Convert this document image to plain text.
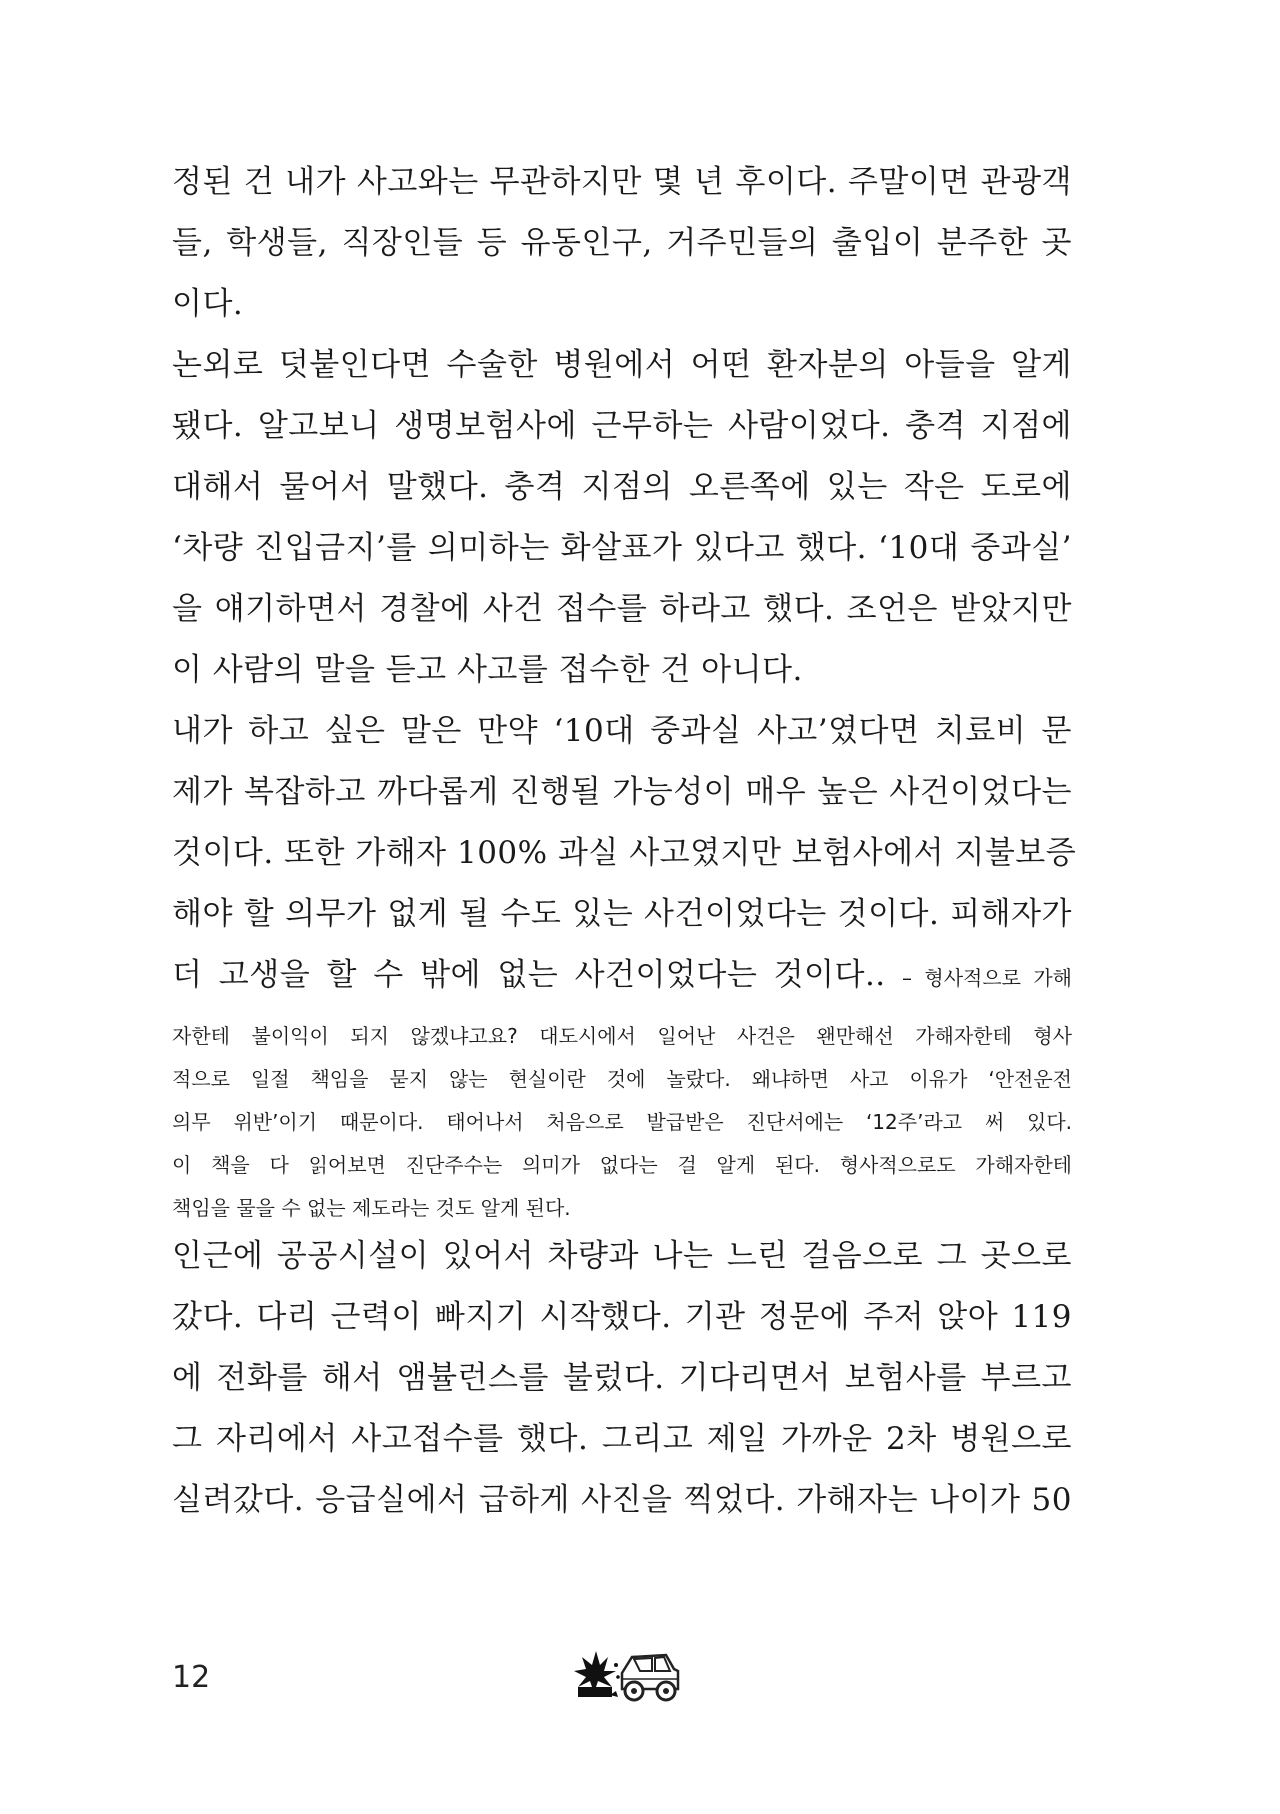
정된 건 내가 사고와는 무관하지만 몇 년 후이다. 주말이면 관광객
들, 학생들, 직장인들 등 유동인구, 거주민들의 출입이 분주한 곳
이다.
논외로 덧붙인다면 수술한 병원에서 어떤 환자분의 아들을 알게
됐다. 알고보니 생명보험사에 근무하는 사람이었다. 충격 지점에
대해서 물어서 말했다. 충격 지점의 오른쪽에 있는 작은 도로에
‘차량 진입금지’를 의미하는 화살표가 있다고 했다. ‘10대 중과실’
을 얘기하면서 경찰에 사건 접수를 하라고 했다. 조언은 받았지만
이 사람의 말을 듣고 사고를 접수한 건 아니다.
내가 하고 싶은 말은 만약 ‘10대 중과실 사고’였다면 치료비 문
제가 복잡하고 까다롭게 진행될 가능성이 매우 높은 사건이었다는
것이다. 또한 가해자 100% 과실 사고였지만 보험사에서 지불보증
해야 할 의무가 없게 될 수도 있는 사건이었다는 것이다. 피해자가
더 고생을 할 수 밖에 없는 사건이었다는 것이다.. – 형사적으로 가해
자한테 불이익이 되지 않겠냐고요? 대도시에서 일어난 사건은 왠만해선 가해자한테 형사
적으로 일절 책임을 묻지 않는 현실이란 것에 놀랐다. 왜냐하면 사고 이유가 ‘안전운전
의무 위반’이기 때문이다. 태어나서 처음으로 발급받은 진단서에는 ‘12주’라고 써 있다.
이 책을 다 읽어보면 진단주수는 의미가 없다는 걸 알게 된다. 형사적으로도 가해자한테
책임을 물을 수 없는 제도라는 것도 알게 된다.
인근에 공공시설이 있어서 차량과 나는 느린 걸음으로 그 곳으로
갔다. 다리 근력이 빠지기 시작했다. 기관 정문에 주저 앉아 119
에 전화를 해서 앰뷸런스를 불렀다. 기다리면서 보험사를 부르고
그 자리에서 사고접수를 했다. 그리고 제일 가까운 2차 병원으로
실려갔다. 응급실에서 급하게 사진을 찍었다. 가해자는 나이가 50
12
